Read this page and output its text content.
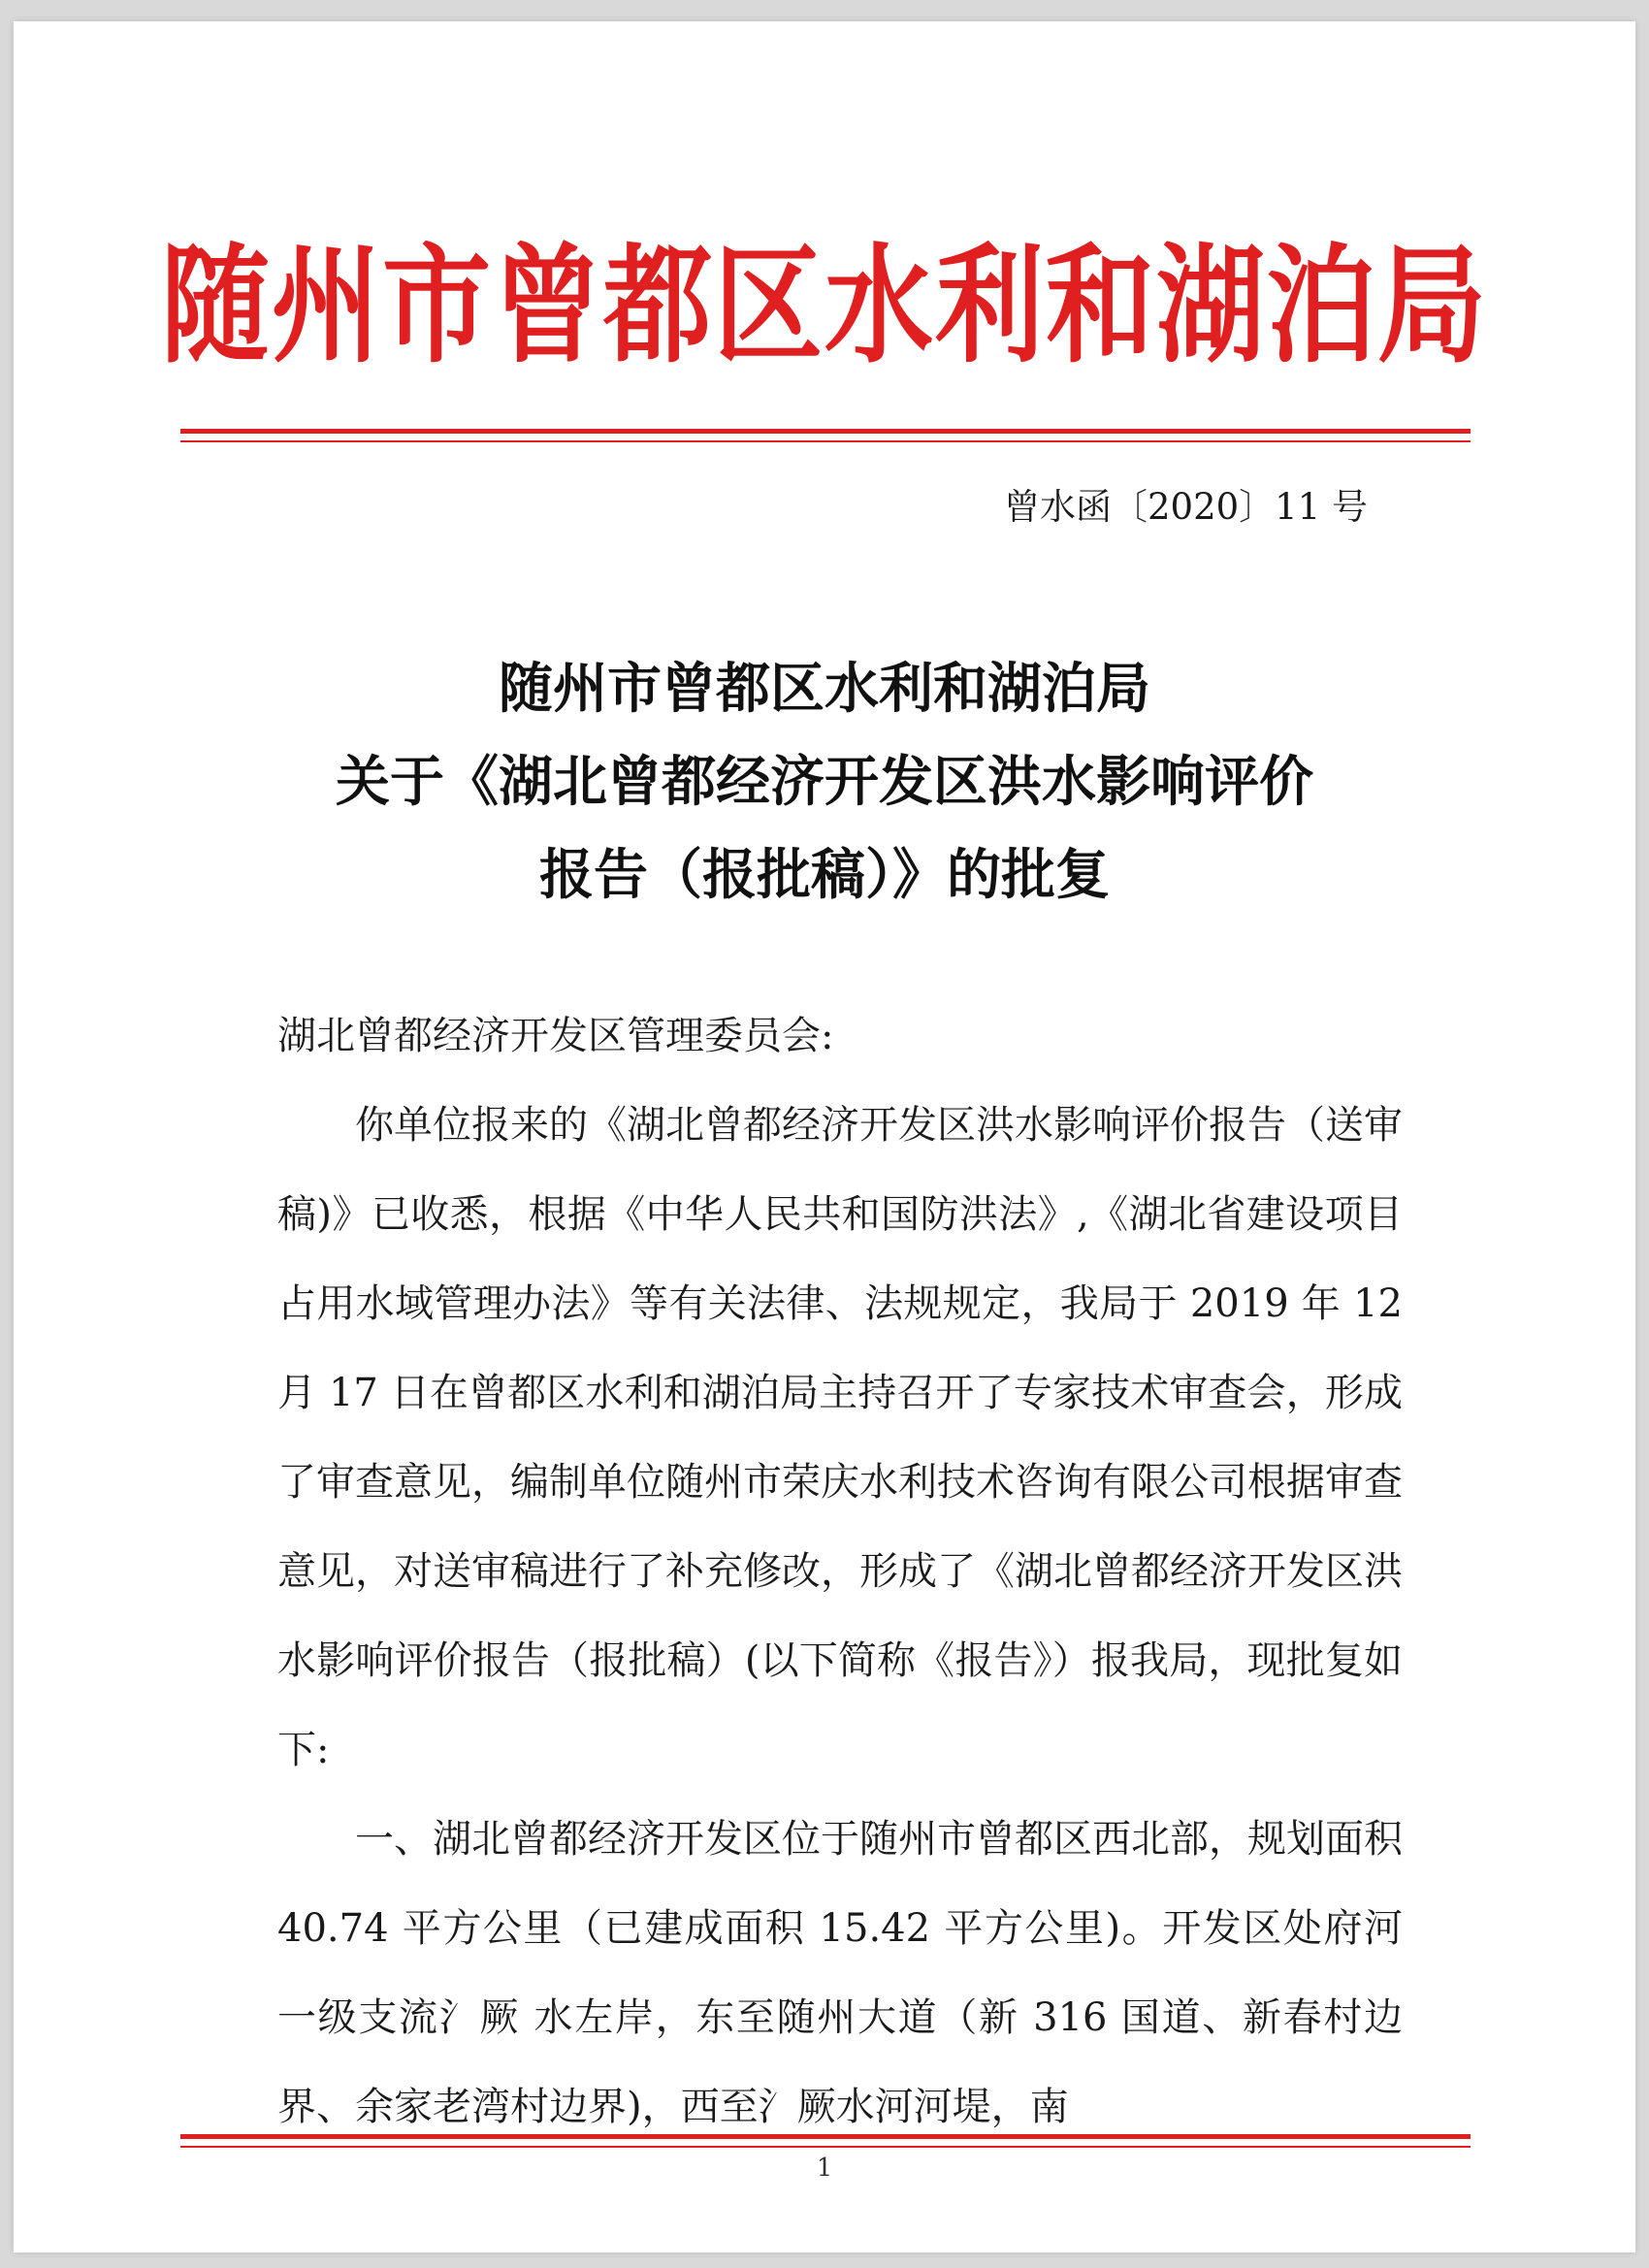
随州市曾都区水利和湖泊局
曾水函〔2020〕11 号
随州市曾都区水利和湖泊局
关于《湖北曾都经济开发区洪水影响评价
报告（报批稿）》的批复

湖北曾都经济开发区管理委员会:

你单位报来的《湖北曾都经济开发区洪水影响评价报告（送审稿)》已收悉，根据《中华人民共和国防洪法》,《湖北省建设项目占用水域管理办法》等有关法律、法规规定，我局于 2019 年 12 月 17 日在曾都区水利和湖泊局主持召开了专家技术审查会，形成了审查意见，编制单位随州市荣庆水利技术咨询有限公司根据审查意见，对送审稿进行了补充修改，形成了《湖北曾都经济开发区洪水影响评价报告（报批稿）(以下简称《报告》）报我局，现批复如下:

一、湖北曾都经济开发区位于随州市曾都区西北部，规划面积 40.74 平方公里（已建成面积 15.42 平方公里)。开发区处府河一级支流氵厥 水左岸，东至随州大道（新 316 国道、新春村边界、余家老湾村边界)，西至氵厥水河河堤，南

1
